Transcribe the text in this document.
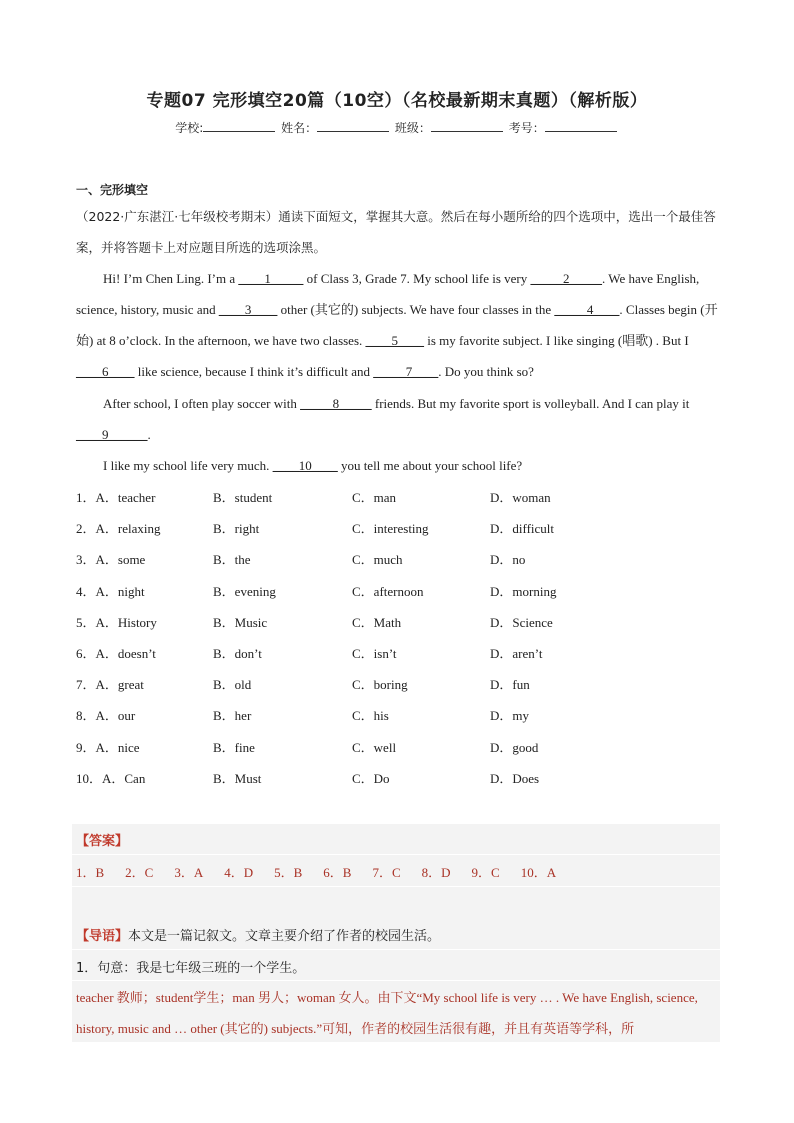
专题07 完形填空20篇（10空）（名校最新期末真题）（解析版）
学校:	姓名：	班级：	考号：
一、完形填空
（2022·广东湛江·七年级校考期末）通读下面短文，掌握其大意。然后在每小题所给的四个选项中，选出一个最佳答案，并将答题卡上对应题目所选的选项涂黑。
Hi! I’m Chen Ling. I’m a ____1_____ of Class 3, Grade 7. My school life is very _____2_____. We have English, science, history, music and ____3____ other (其它的) subjects. We have four classes in the _____4____. Classes begin (开始) at 8 o’clock. In the afternoon, we have two classes. ____5____ is my favorite subject. I like singing (唱歌) . But I ____6____ like science, because I think it’s difficult and _____7____. Do you think so?
After school, I often play soccer with _____8_____ friends. But my favorite sport is volleyball. And I can play it ____9______.
I like my school life very much. ____10____ you tell me about your school life?
1．A．teacher	B．student	C．man	D．woman
2．A．relaxing	B．right	C．interesting	D．difficult
3．A．some	B．the	C．much	D．no
4．A．night	B．evening	C．afternoon	D．morning
5．A．History	B．Music	C．Math	D．Science
6．A．doesn’t	B．don’t	C．isn’t	D．aren’t
7．A．great	B．old	C．boring	D．fun
8．A．our	B．her	C．his	D．my
9．A．nice	B．fine	C．well	D．good
10．A．Can	B．Must	C．Do	D．Does
【答案】
1．B 2．C 3．A 4．D 5．B 6．B 7．C 8．D 9．C 10．A
【导语】本文是一篇记叙文。文章主要介绍了作者的校园生活。
1．句意：我是七年级三班的一个学生。
teacher 教师；student学生；man 男人；woman 女人。由下文“My school life is very … . We have English, science, history, music and … other (其它的) subjects.”可知，作者的校园生活很有趣，并且有英语等学科，所
